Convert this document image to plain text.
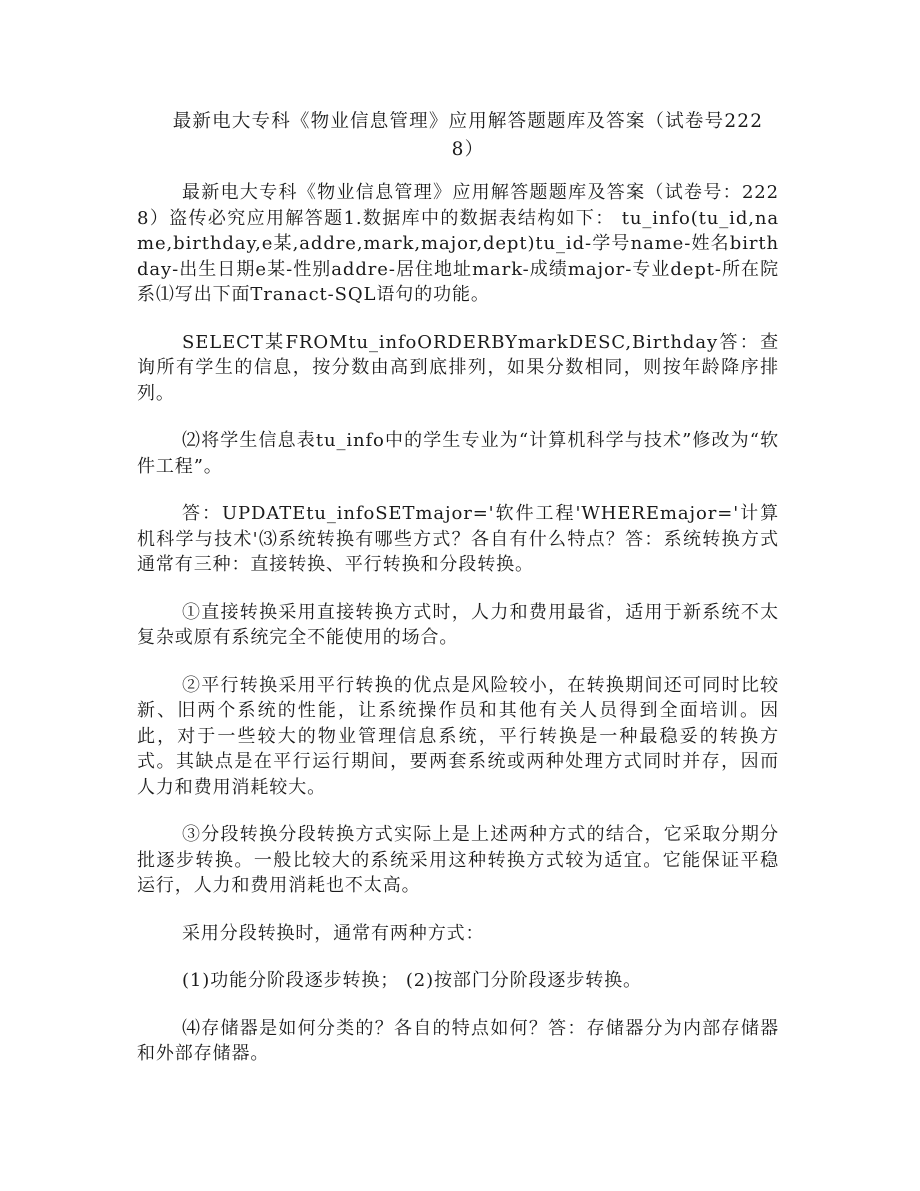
最新电大专科《物业信息管理》应用解答题题库及答案（试卷号2228）

最新电大专科《物业信息管理》应用解答题题库及答案（试卷号：2228）盗传必究应用解答题1.数据库中的数据表结构如下： tu_info(tu_id,name,birthday,e某,addre,mark,major,dept)tu_id-学号name-姓名birthday-出生日期e某-性别addre-居住地址mark-成绩major-专业dept-所在院系⑴写出下面Tranact-SQL语句的功能。

SELECT某FROMtu_infoORDERBYmarkDESC,Birthday答：查询所有学生的信息，按分数由高到底排列，如果分数相同，则按年龄降序排列。

⑵将学生信息表tu_info中的学生专业为“计算机科学与技术”修改为“软件工程”。

答：UPDATEtu_infoSETmajor='软件工程'WHEREmajor='计算机科学与技术'⑶系统转换有哪些方式？各自有什么特点？答：系统转换方式通常有三种：直接转换、平行转换和分段转换。

①直接转换采用直接转换方式时，人力和费用最省，适用于新系统不太复杂或原有系统完全不能使用的场合。

②平行转换采用平行转换的优点是风险较小，在转换期间还可同时比较新、旧两个系统的性能，让系统操作员和其他有关人员得到全面培训。因此，对于一些较大的物业管理信息系统，平行转换是一种最稳妥的转换方式。其缺点是在平行运行期间，要两套系统或两种处理方式同时并存，因而人力和费用消耗较大。

③分段转换分段转换方式实际上是上述两种方式的结合，它采取分期分批逐步转换。一般比较大的系统采用这种转换方式较为适宜。它能保证平稳运行，人力和费用消耗也不太高。

采用分段转换时，通常有两种方式：

(1)功能分阶段逐步转换； (2)按部门分阶段逐步转换。

⑷存储器是如何分类的？各自的特点如何？答：存储器分为内部存储器和外部存储器。
